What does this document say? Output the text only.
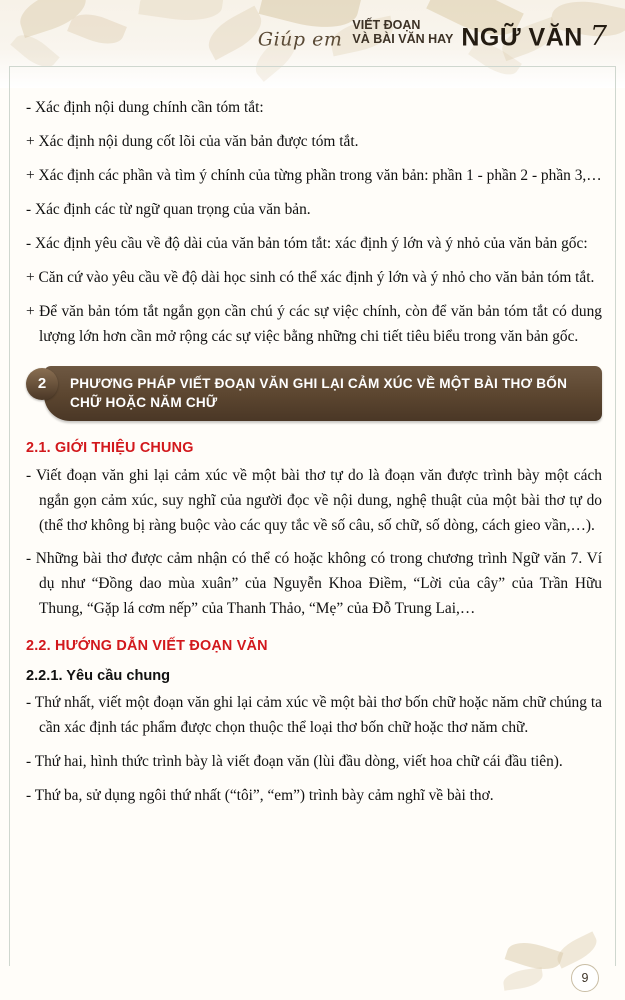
Giúp em VIẾT ĐOẠN
VÀ BÀI VĂN HAY NGỮ VĂN 7

- Xác định nội dung chính cần tóm tắt:

+ Xác định nội dung cốt lõi của văn bản được tóm tắt.

+ Xác định các phần và tìm ý chính của từng phần trong văn bản: phần 1 - phần 2 - phần 3,…

- Xác định các từ ngữ quan trọng của văn bản.

- Xác định yêu cầu về độ dài của văn bản tóm tắt: xác định ý lớn và ý nhỏ của văn bản gốc:

+ Căn cứ vào yêu cầu về độ dài học sinh có thể xác định ý lớn và ý nhỏ cho văn bản tóm tắt.

+ Để văn bản tóm tắt ngắn gọn cần chú ý các sự việc chính, còn để văn bản tóm tắt có dung lượng lớn hơn cần mở rộng các sự việc bằng những chi tiết tiêu biểu trong văn bản gốc.

2	PHƯƠNG PHÁP VIẾT ĐOẠN VĂN GHI LẠI CẢM XÚC VỀ MỘT BÀI THƠ BỐN CHỮ HOẶC NĂM CHỮ
2.1. GIỚI THIỆU CHUNG

- Viết đoạn văn ghi lại cảm xúc về một bài thơ tự do là đoạn văn được trình bày một cách ngắn gọn cảm xúc, suy nghĩ của người đọc về nội dung, nghệ thuật của một bài thơ tự do (thể thơ không bị ràng buộc vào các quy tắc về số câu, số chữ, số dòng, cách gieo vần,…).

- Những bài thơ được cảm nhận có thể có hoặc không có trong chương trình Ngữ văn 7. Ví dụ như “Đồng dao mùa xuân” của Nguyễn Khoa Điềm, “Lời của cây” của Trần Hữu Thung, “Gặp lá cơm nếp” của Thanh Thảo, “Mẹ” của Đỗ Trung Lai,…

2.2. HƯỚNG DẪN VIẾT ĐOẠN VĂN
2.2.1. Yêu cầu chung

- Thứ nhất, viết một đoạn văn ghi lại cảm xúc về một bài thơ bốn chữ hoặc năm chữ chúng ta cần xác định tác phẩm được chọn thuộc thể loại thơ bốn chữ hoặc thơ năm chữ.

- Thứ hai, hình thức trình bày là viết đoạn văn (lùi đầu dòng, viết hoa chữ cái đầu tiên).

- Thứ ba, sử dụng ngôi thứ nhất (“tôi”, “em”) trình bày cảm nghĩ về bài thơ.

9
